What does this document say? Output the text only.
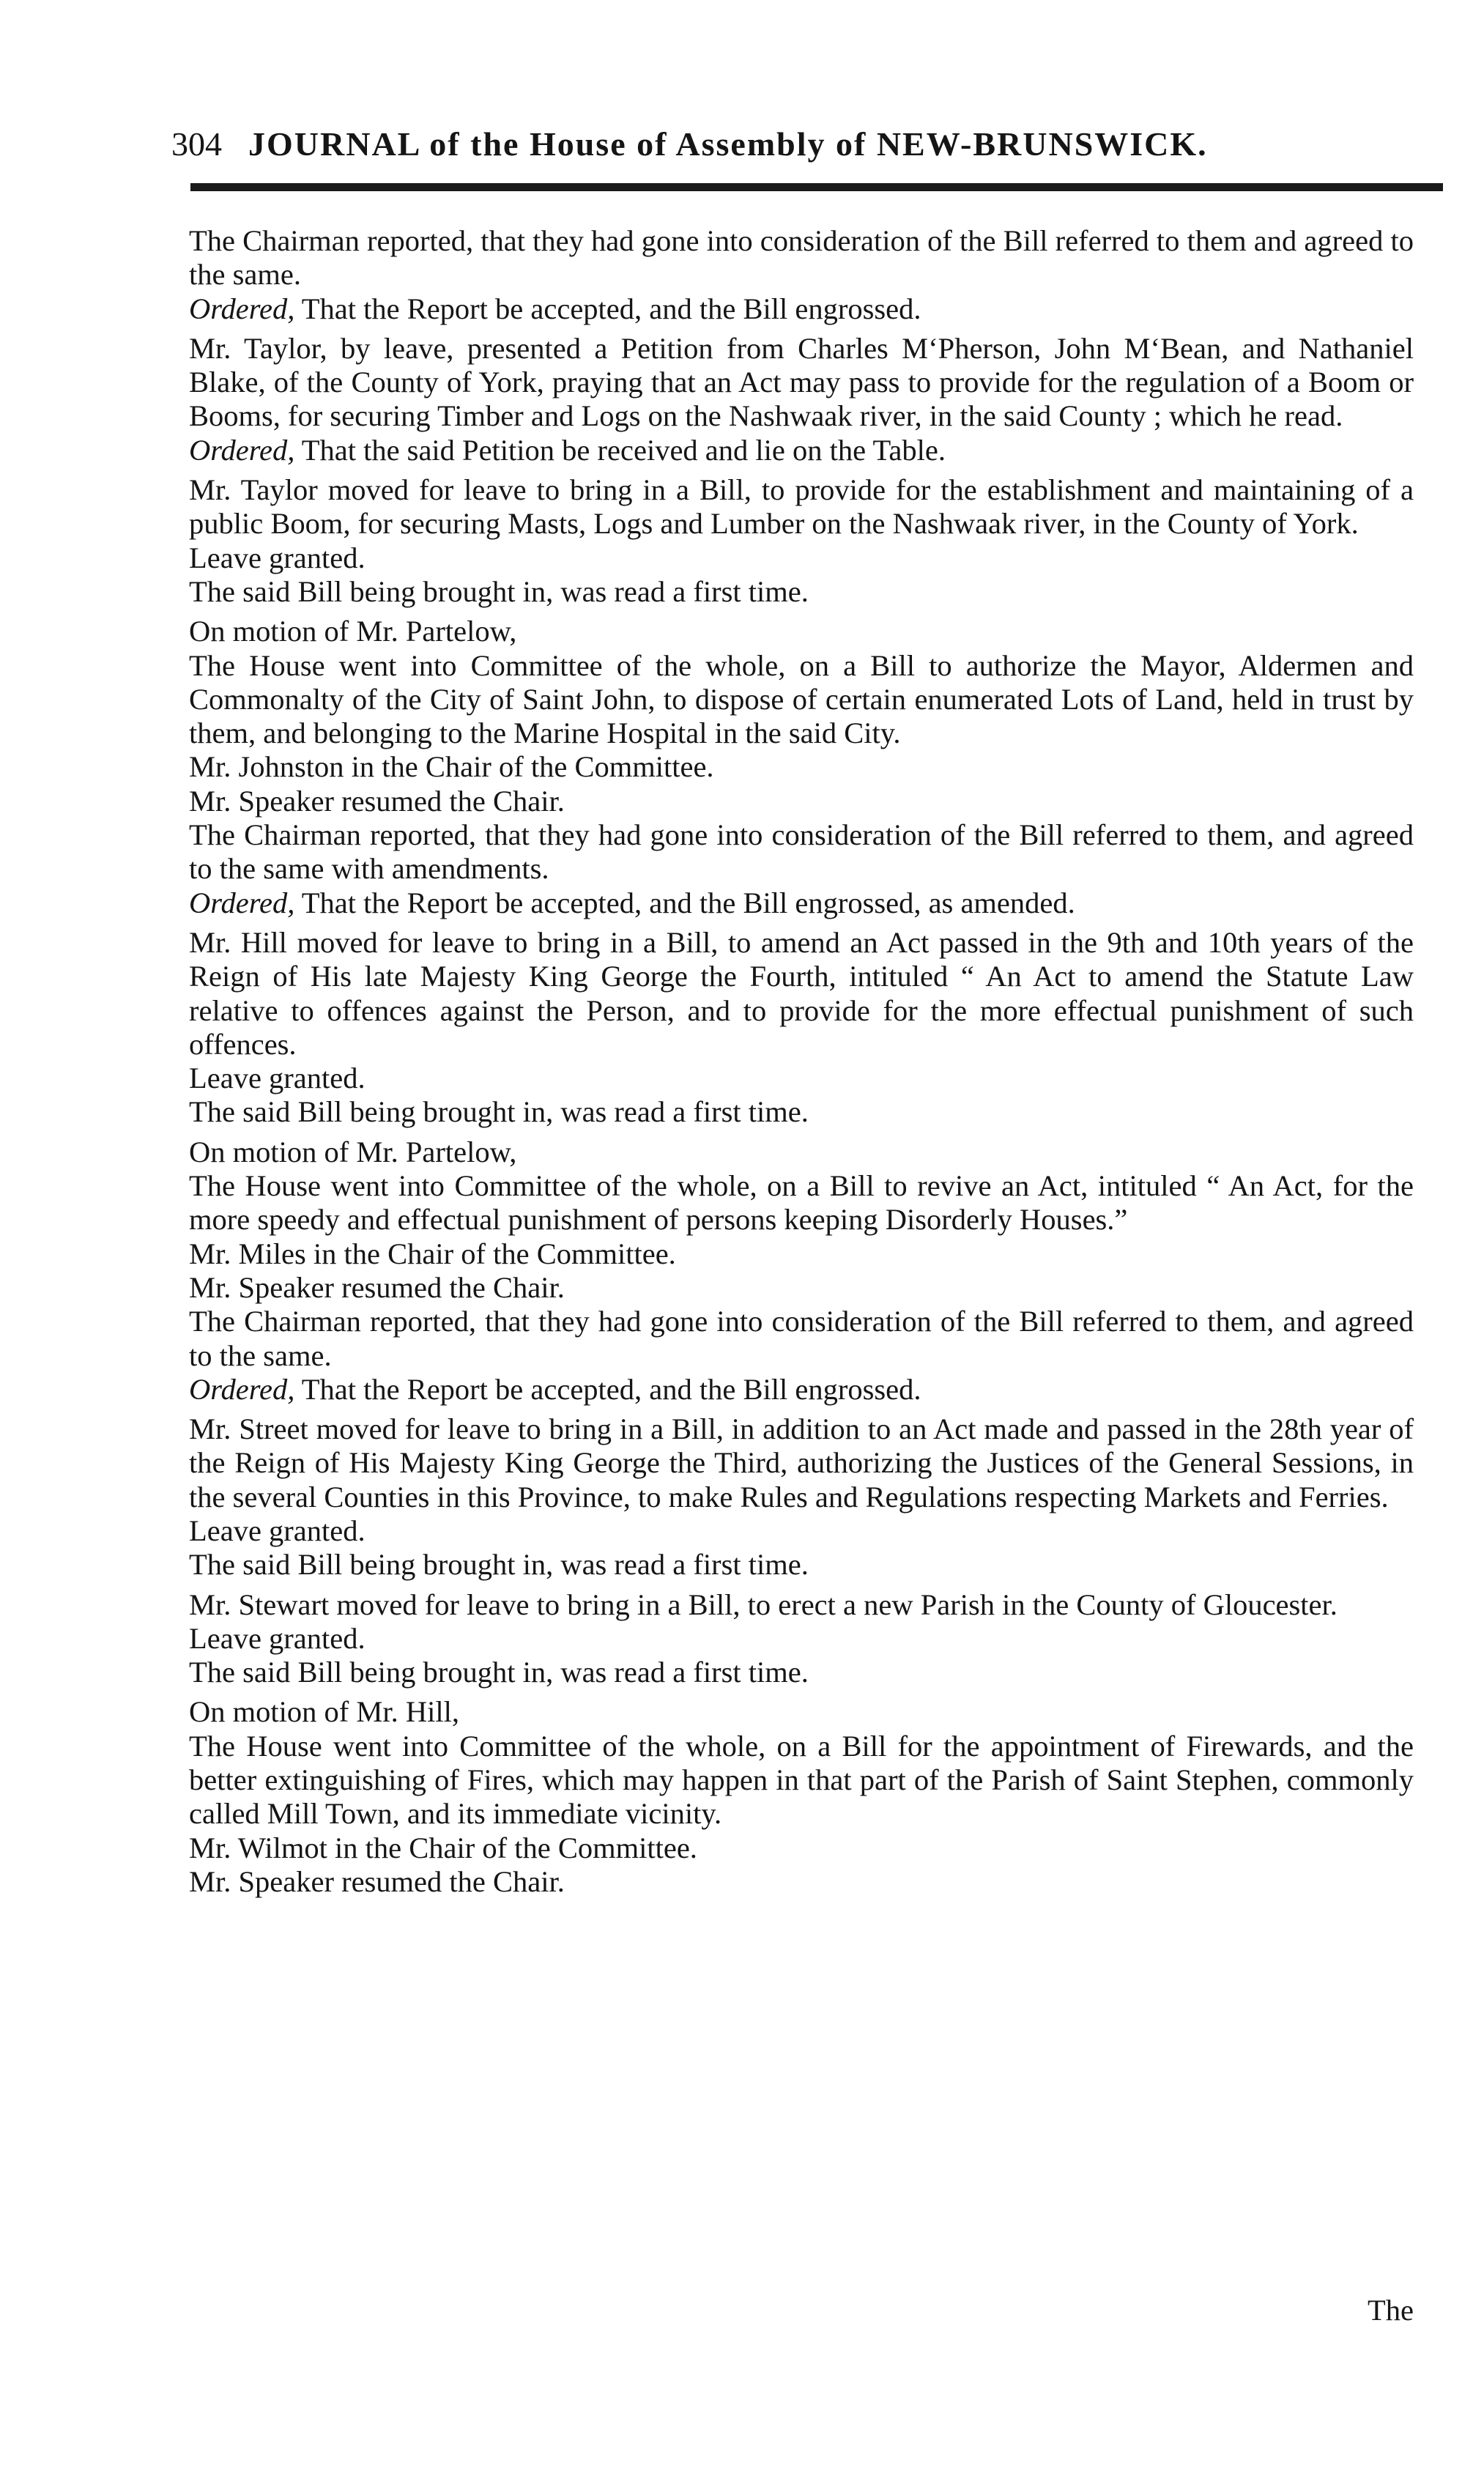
304 JOURNAL of the House of Assembly of NEW-BRUNSWICK.

The Chairman reported, that they had gone into consideration of the Bill referred to them and agreed to the same.

Ordered, That the Report be accepted, and the Bill engrossed.

Mr. Taylor, by leave, presented a Petition from Charles M‘Pherson, John M‘Bean, and Nathaniel Blake, of the County of York, praying that an Act may pass to provide for the regulation of a Boom or Booms, for securing Timber and Logs on the Nashwaak river, in the said County ; which he read.

Ordered, That the said Petition be received and lie on the Table.

Mr. Taylor moved for leave to bring in a Bill, to provide for the establishment and maintaining of a public Boom, for securing Masts, Logs and Lumber on the Nashwaak river, in the County of York.

Leave granted.

The said Bill being brought in, was read a first time.

On motion of Mr. Partelow,

The House went into Committee of the whole, on a Bill to authorize the Mayor, Aldermen and Commonalty of the City of Saint John, to dispose of certain enumerated Lots of Land, held in trust by them, and belonging to the Marine Hospital in the said City.

Mr. Johnston in the Chair of the Committee.

Mr. Speaker resumed the Chair.

The Chairman reported, that they had gone into consideration of the Bill referred to them, and agreed to the same with amendments.

Ordered, That the Report be accepted, and the Bill engrossed, as amended.

Mr. Hill moved for leave to bring in a Bill, to amend an Act passed in the 9th and 10th years of the Reign of His late Majesty King George the Fourth, intituled “ An Act to amend the Statute Law relative to offences against the Person, and to provide for the more effectual punishment of such offences.

Leave granted.

The said Bill being brought in, was read a first time.

On motion of Mr. Partelow,

The House went into Committee of the whole, on a Bill to revive an Act, intituled “ An Act, for the more speedy and effectual punishment of persons keeping Disorderly Houses.”

Mr. Miles in the Chair of the Committee.

Mr. Speaker resumed the Chair.

The Chairman reported, that they had gone into consideration of the Bill referred to them, and agreed to the same.

Ordered, That the Report be accepted, and the Bill engrossed.

Mr. Street moved for leave to bring in a Bill, in addition to an Act made and passed in the 28th year of the Reign of His Majesty King George the Third, authorizing the Justices of the General Sessions, in the several Counties in this Province, to make Rules and Regulations respecting Markets and Ferries.

Leave granted.

The said Bill being brought in, was read a first time.

Mr. Stewart moved for leave to bring in a Bill, to erect a new Parish in the County of Gloucester.

Leave granted.

The said Bill being brought in, was read a first time.

On motion of Mr. Hill,

The House went into Committee of the whole, on a Bill for the appointment of Firewards, and the better extinguishing of Fires, which may happen in that part of the Parish of Saint Stephen, commonly called Mill Town, and its immediate vicinity.

Mr. Wilmot in the Chair of the Committee.

Mr. Speaker resumed the Chair.

The
